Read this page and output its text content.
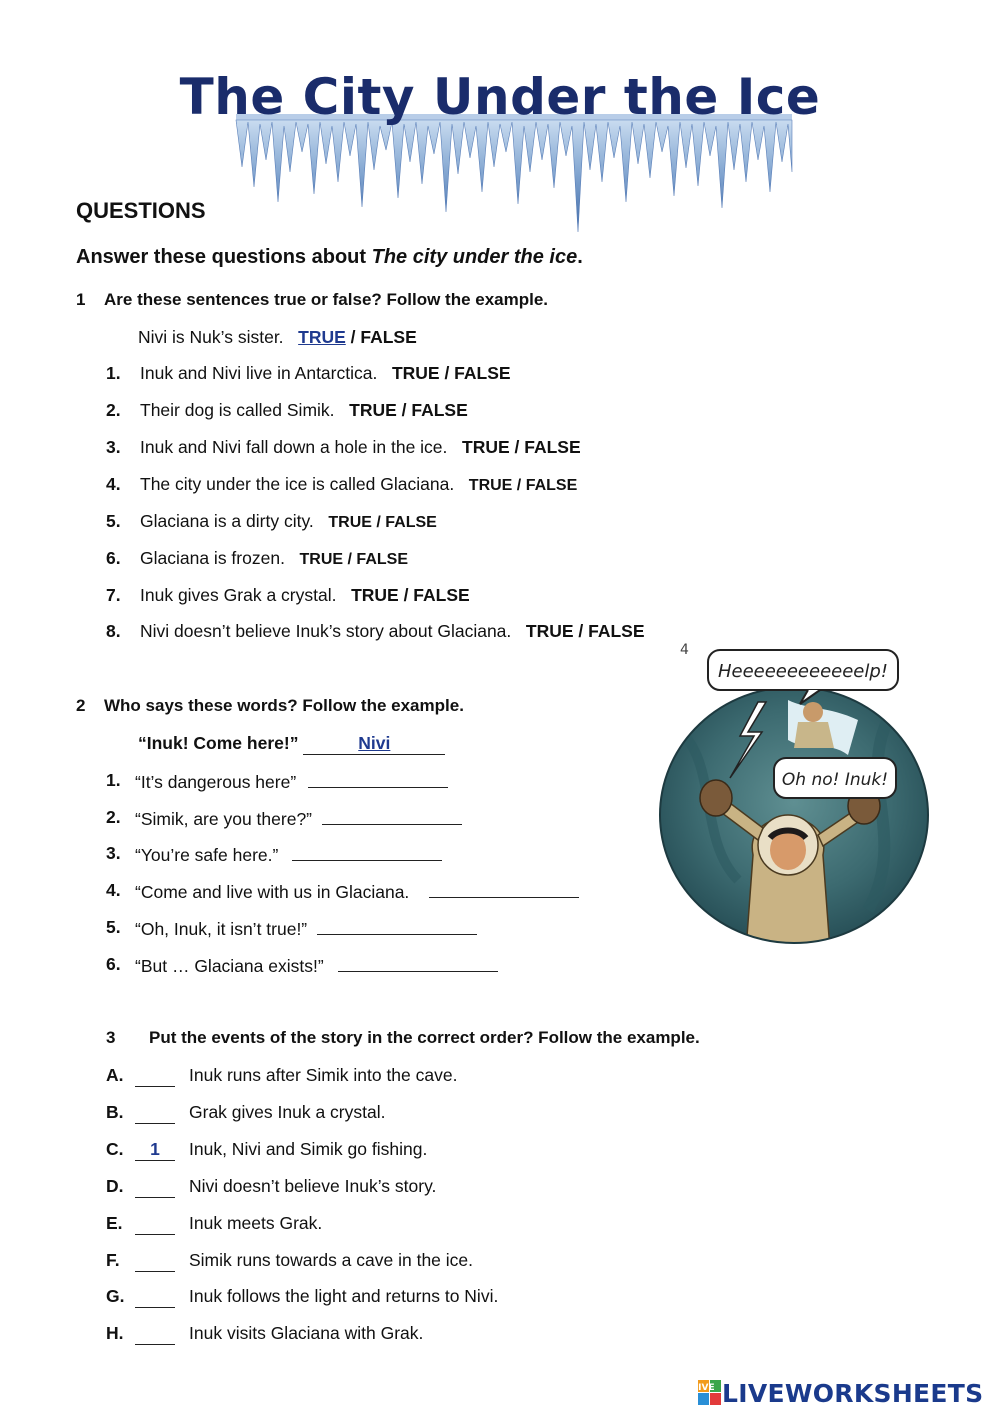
The City Under the Ice
QUESTIONS
Answer these questions about The city under the ice.
1 Are these sentences true or false? Follow the example.
Nivi is Nuk’s sister. TRUE / FALSE
1. Inuk and Nivi live in Antarctica. TRUE / FALSE
2. Their dog is called Simik. TRUE / FALSE
3. Inuk and Nivi fall down a hole in the ice. TRUE / FALSE
4. The city under the ice is called Glaciana. TRUE / FALSE
5. Glaciana is a dirty city. TRUE / FALSE
6. Glaciana is frozen. TRUE / FALSE
7. Inuk gives Grak a crystal. TRUE / FALSE
8. Nivi doesn’t believe Inuk’s story about Glaciana. TRUE / FALSE
2 Who says these words? Follow the example.
“Inuk! Come here!”	Nivi
1. “It’s dangerous here”
2. “Simik, are you there?”
3. “You’re safe here.”
4. “Come and live with us in Glaciana.
5. “Oh, Inuk, it isn’t true!”
6. “But … Glaciana exists!”
4
Heeeeeeeeeeeelp!
Oh no! Inuk!
3 Put the events of the story in the correct order? Follow the example.
A.	Inuk runs after Simik into the cave.
B.	Grak gives Inuk a crystal.
C.	1	Inuk, Nivi and Simik go fishing.
D.	Nivi doesn’t believe Inuk’s story.
E.	Inuk meets Grak.
F.	Simik runs towards a cave in the ice.
G.	Inuk follows the light and returns to Nivi.
H.	Inuk visits Glaciana with Grak.
LIVE LIVEWORKSHEETS
